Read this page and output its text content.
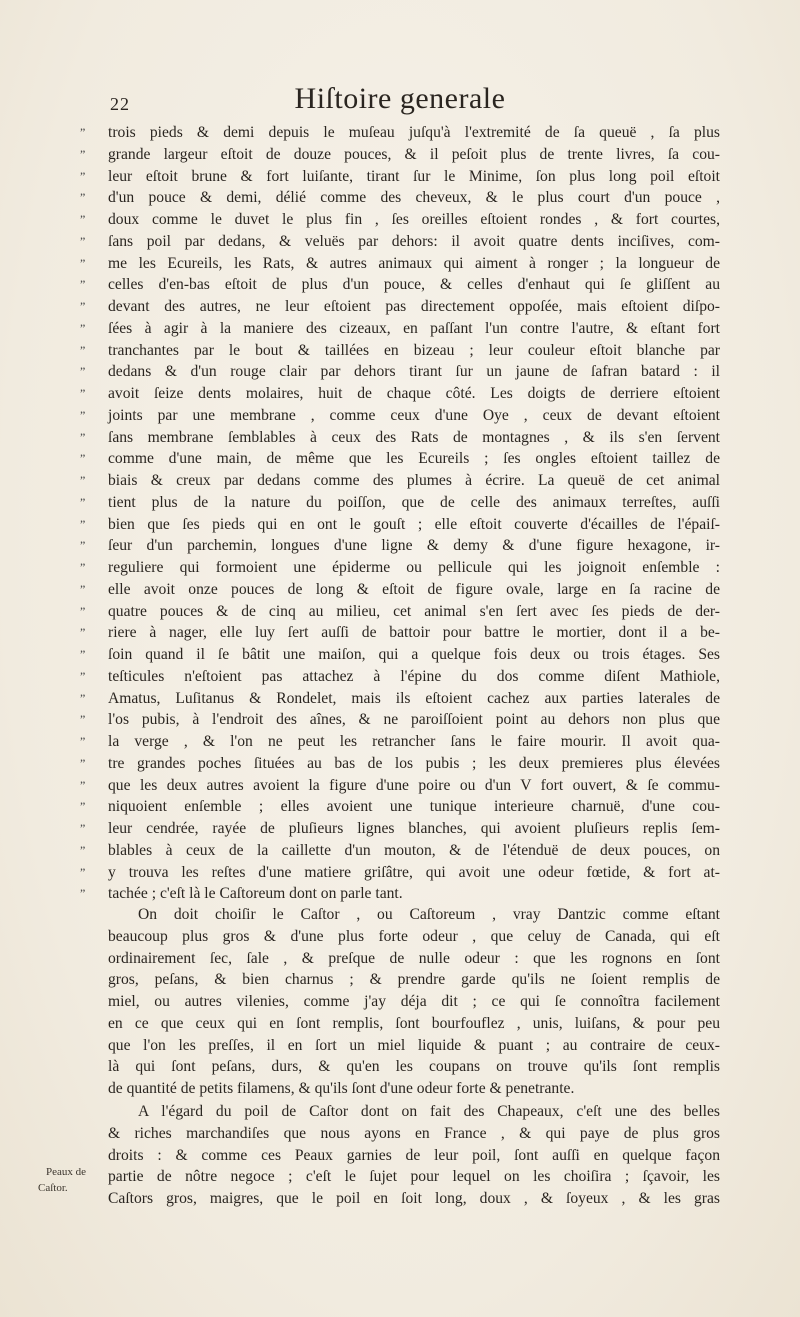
22	Hiſtoire generale
”	trois pieds & demi depuis le muſeau juſqu'à l'extremité de ſa queuë , ſa plus
”	grande largeur eſtoit de douze pouces, & il peſoit plus de trente livres, ſa cou-
”	leur eſtoit brune & fort luiſante, tirant ſur le Minime, ſon plus long poil eſtoit
”	d'un pouce & demi, délié comme des cheveux, & le plus court d'un pouce ,
”	doux comme le duvet le plus fin , ſes oreilles eſtoient rondes , & fort courtes,
”	ſans poil par dedans, & veluës par dehors: il avoit quatre dents inciſives, com-
”	me les Ecureils, les Rats, & autres animaux qui aiment à ronger ; la longueur de
”	celles d'en-bas eſtoit de plus d'un pouce, & celles d'enhaut qui ſe gliſſent au
”	devant des autres, ne leur eſtoient pas directement oppoſée, mais eſtoient diſpo-
”	ſées à agir à la maniere des cizeaux, en paſſant l'un contre l'autre, & eſtant fort
”	tranchantes par le bout & taillées en bizeau ; leur couleur eſtoit blanche par
”	dedans & d'un rouge clair par dehors tirant ſur un jaune de ſafran batard : il
”	avoit ſeize dents molaires, huit de chaque côté. Les doigts de derriere eſtoient
”	joints par une membrane , comme ceux d'une Oye , ceux de devant eſtoient
”	ſans membrane ſemblables à ceux des Rats de montagnes , & ils s'en ſervent
”	comme d'une main, de même que les Ecureils ; ſes ongles eſtoient taillez de
”	biais & creux par dedans comme des plumes à écrire. La queuë de cet animal
”	tient plus de la nature du poiſſon, que de celle des animaux terreſtes, auſſi
”	bien que ſes pieds qui en ont le gouſt ; elle eſtoit couverte d'écailles de l'épaiſ-
”	ſeur d'un parchemin, longues d'une ligne & demy & d'une figure hexagone, ir-
”	reguliere qui formoient une épiderme ou pellicule qui les joignoit enſemble :
”	elle avoit onze pouces de long & eſtoit de figure ovale, large en ſa racine de
”	quatre pouces & de cinq au milieu, cet animal s'en ſert avec ſes pieds de der-
”	riere à nager, elle luy ſert auſſi de battoir pour battre le mortier, dont il a be-
”	ſoin quand il ſe bâtit une maiſon, qui a quelque fois deux ou trois étages. Ses
”	teſticules n'eſtoient pas attachez à l'épine du dos comme diſent Mathiole,
”	Amatus, Luſitanus & Rondelet, mais ils eſtoient cachez aux parties laterales de
”	l'os pubis, à l'endroit des aînes, & ne paroiſſoient point au dehors non plus que
”	la verge , & l'on ne peut les retrancher ſans le faire mourir. Il avoit qua-
”	tre grandes poches ſituées au bas de los pubis ; les deux premieres plus élevées
”	que les deux autres avoient la figure d'une poire ou d'un V fort ouvert, & ſe commu-
”	niquoient enſemble ; elles avoient une tunique interieure charnuë, d'une cou-
”	leur cendrée, rayée de pluſieurs lignes blanches, qui avoient pluſieurs replis ſem-
”	blables à ceux de la caillette d'un mouton, & de l'étenduë de deux pouces, on
”	y trouva les reſtes d'une matiere griſâtre, qui avoit une odeur fœtide, & fort at-
”	tachée ; c'eſt là le Caſtoreum dont on parle tant.
On doit choiſir le Caſtor , ou Caſtoreum , vray Dantzic comme eſtant
beaucoup plus gros & d'une plus forte odeur , que celuy de Canada, qui eſt
ordinairement ſec, ſale , & preſque de nulle odeur : que les rognons en ſont
gros, peſans, & bien charnus ; & prendre garde qu'ils ne ſoient remplis de
miel, ou autres vilenies, comme j'ay déja dit ; ce qui ſe connoîtra facilement
en ce que ceux qui en ſont remplis, ſont bourfouflez , unis, luiſans, & pour peu
que l'on les preſſes, il en ſort un miel liquide & puant ; au contraire de ceux-
là qui ſont peſans, durs, & qu'en les coupans on trouve qu'ils ſont remplis
de quantité de petits filamens, & qu'ils ſont d'une odeur forte & penetrante.
A l'égard du poil de Caſtor dont on fait des Chapeaux, c'eſt une des belles
& riches marchandiſes que nous ayons en France , & qui paye de plus gros
droits : & comme ces Peaux garnies de leur poil, ſont auſſi en quelque façon
partie de nôtre negoce ; c'eſt le ſujet pour lequel on les choiſira ; ſçavoir, les
Caſtors gros, maigres, que le poil en ſoit long, doux , & ſoyeux , & les gras
Peaux de
Caſtor.
